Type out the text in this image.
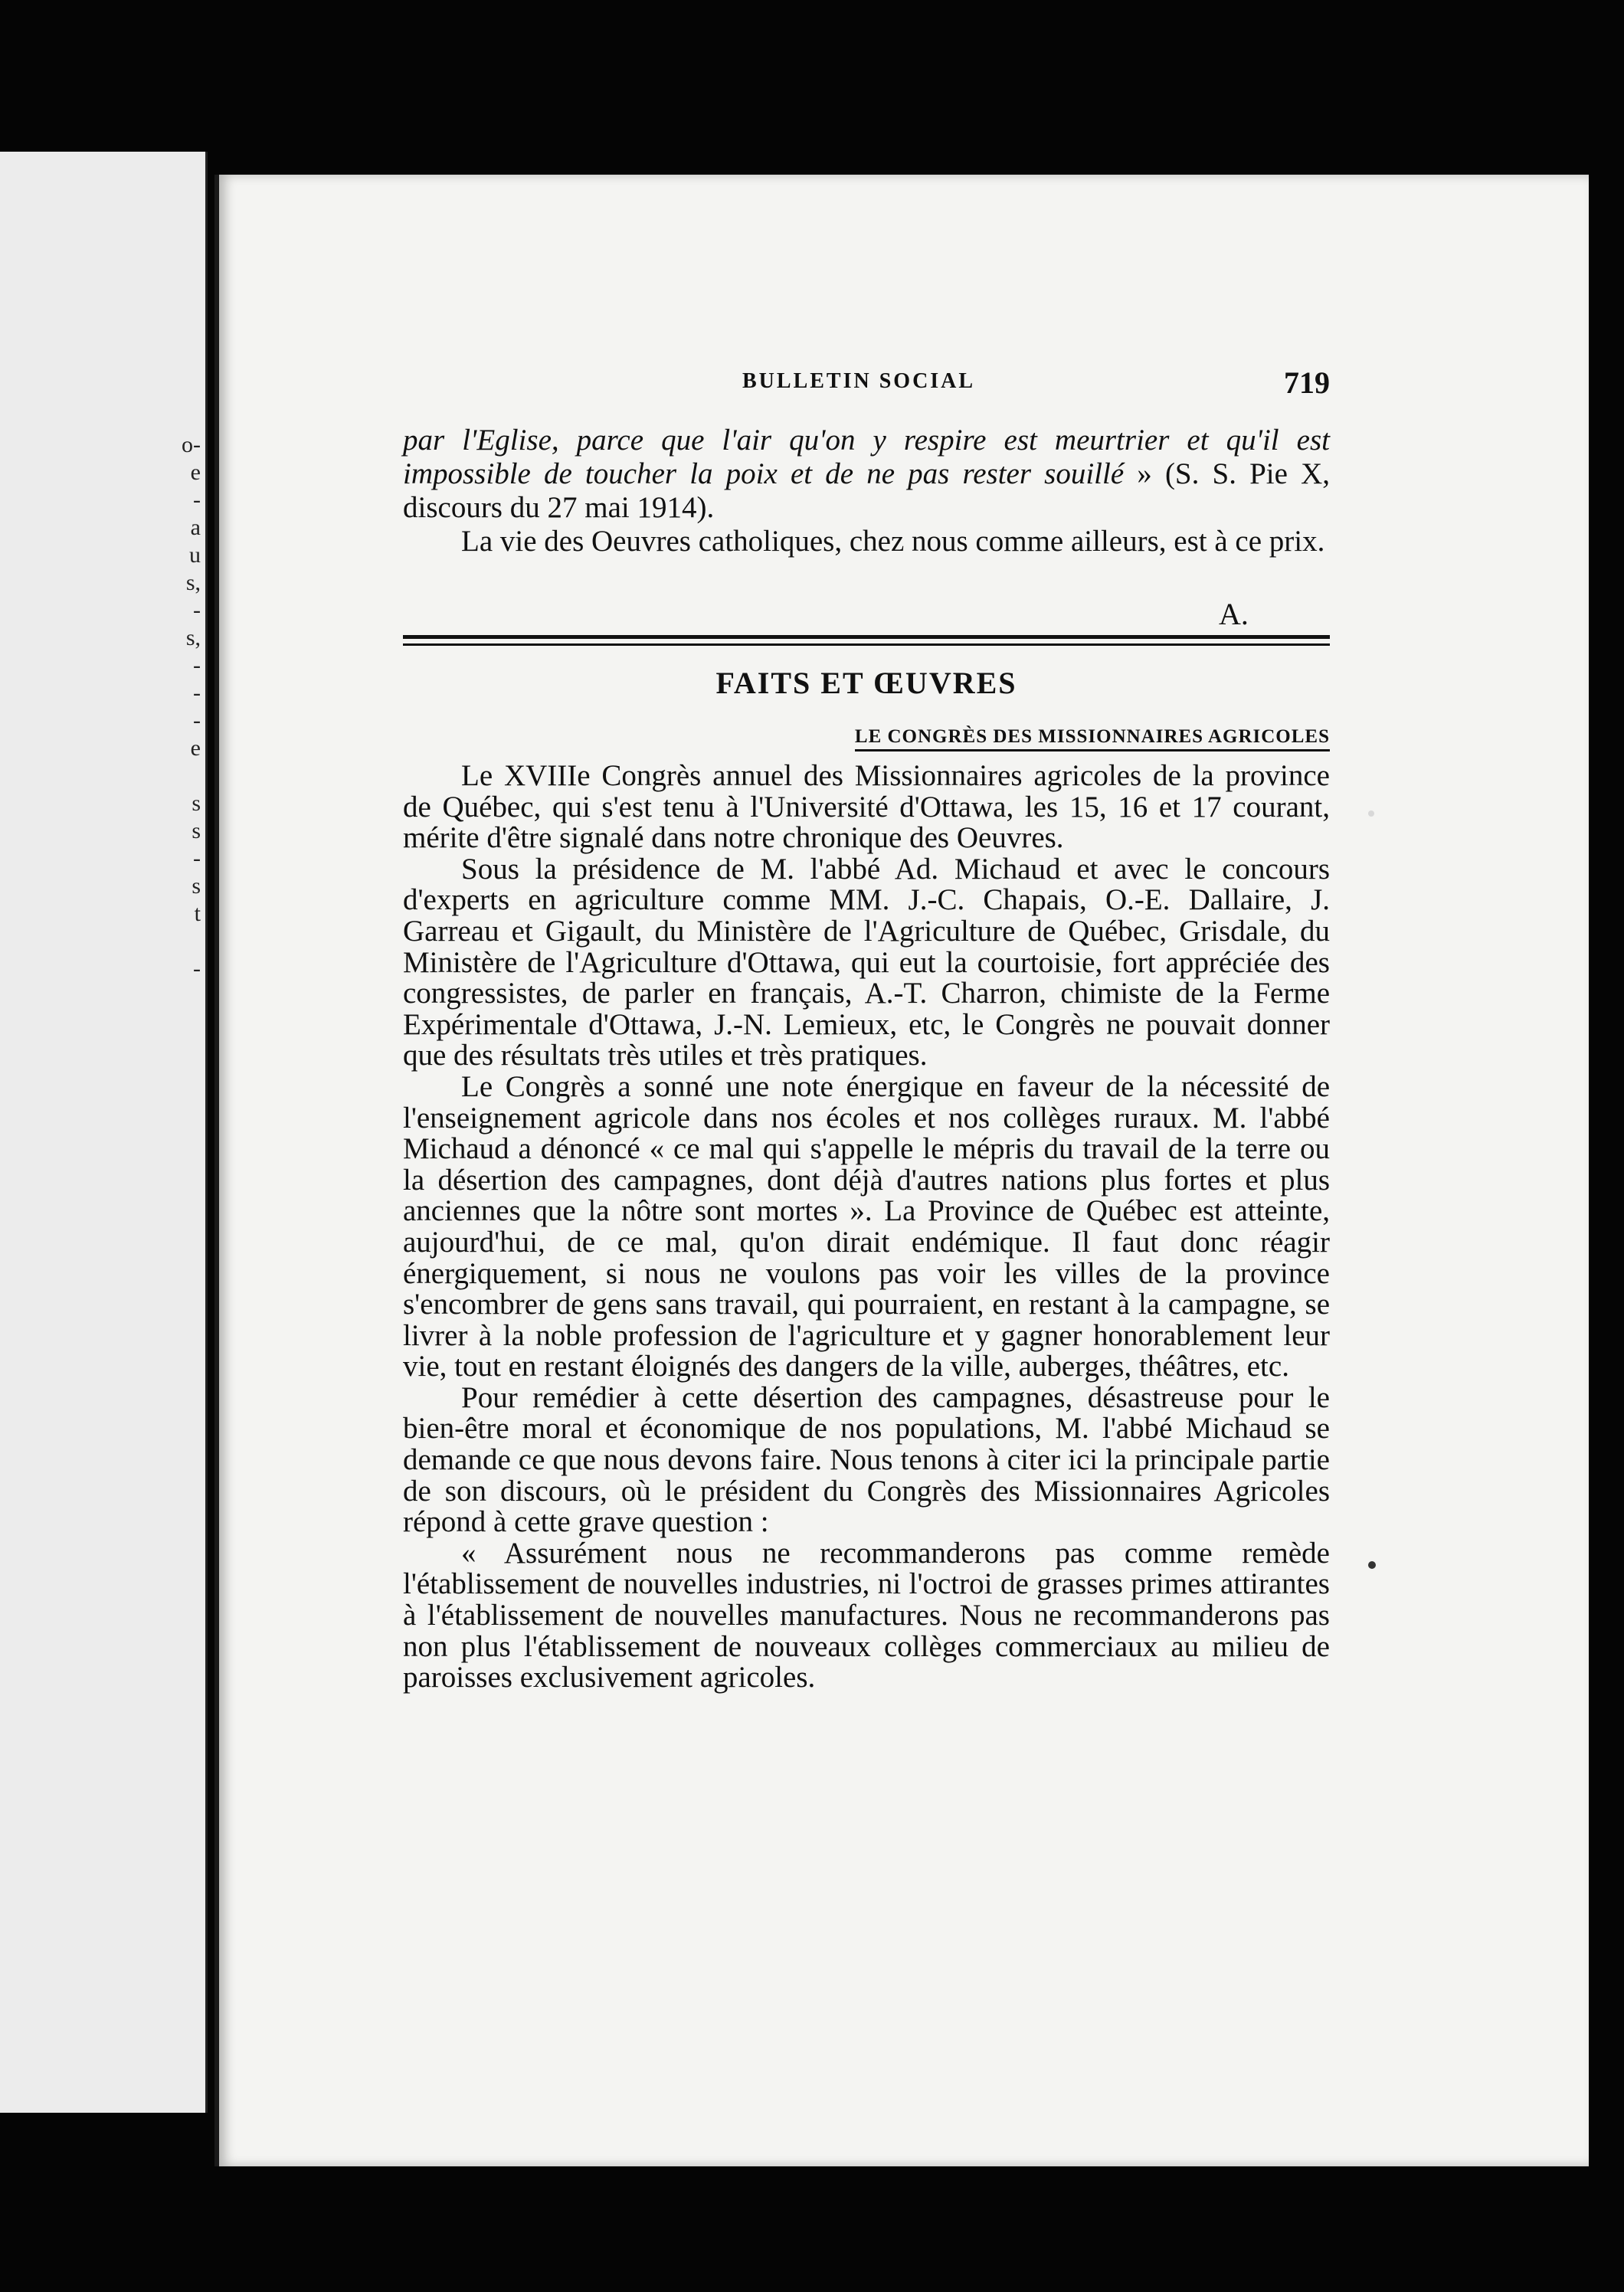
o-
e
-
a
u
s,
-
s,
-
-
-
e

s
s
-
s
t

-
BULLETIN SOCIAL	719

par l'Eglise, parce que l'air qu'on y respire est meurtrier et qu'il est impossible de toucher la poix et de ne pas rester souillé » (S. S. Pie X, discours du 27 mai 1914).

La vie des Oeuvres catholiques, chez nous comme ailleurs, est à ce prix.

A.
FAITS ET ŒUVRES
LE CONGRÈS DES MISSIONNAIRES AGRICOLES

Le XVIIIe Congrès annuel des Missionnaires agricoles de la province de Québec, qui s'est tenu à l'Université d'Ottawa, les 15, 16 et 17 courant, mérite d'être signalé dans notre chronique des Oeuvres.

Sous la présidence de M. l'abbé Ad. Michaud et avec le concours d'experts en agriculture comme MM. J.-C. Chapais, O.-E. Dallaire, J. Garreau et Gigault, du Ministère de l'Agriculture de Québec, Grisdale, du Ministère de l'Agriculture d'Ottawa, qui eut la courtoisie, fort appréciée des congressistes, de parler en français, A.-T. Charron, chimiste de la Ferme Expérimentale d'Ottawa, J.-N. Lemieux, etc, le Congrès ne pouvait donner que des résultats très utiles et très pratiques.

Le Congrès a sonné une note énergique en faveur de la nécessité de l'enseignement agricole dans nos écoles et nos collèges ruraux. M. l'abbé Michaud a dénoncé « ce mal qui s'appelle le mépris du travail de la terre ou la désertion des campagnes, dont déjà d'autres nations plus fortes et plus anciennes que la nôtre sont mortes ». La Province de Québec est atteinte, aujourd'hui, de ce mal, qu'on dirait endémique. Il faut donc réagir énergiquement, si nous ne voulons pas voir les villes de la province s'encombrer de gens sans travail, qui pourraient, en restant à la campagne, se livrer à la noble profession de l'agriculture et y gagner honorablement leur vie, tout en restant éloignés des dangers de la ville, auberges, théâtres, etc.

Pour remédier à cette désertion des campagnes, désastreuse pour le bien-être moral et économique de nos populations, M. l'abbé Michaud se demande ce que nous devons faire. Nous tenons à citer ici la principale partie de son discours, où le président du Congrès des Missionnaires Agricoles répond à cette grave question :

« Assurément nous ne recommanderons pas comme remède l'établissement de nouvelles industries, ni l'octroi de grasses primes attirantes à l'établissement de nouvelles manufactures. Nous ne recommanderons pas non plus l'établissement de nouveaux collèges commerciaux au milieu de paroisses exclusivement agricoles.
